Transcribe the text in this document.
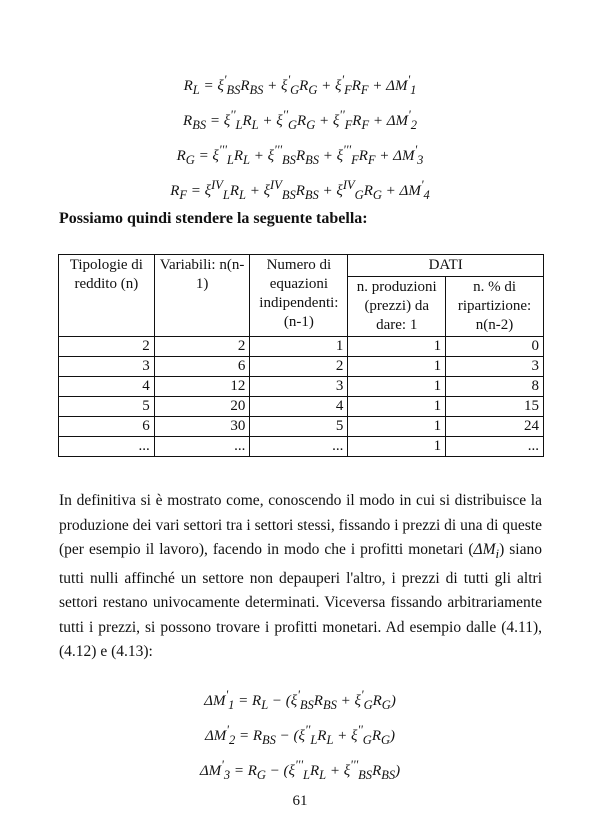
$R_L = \xi'_{BS}R_{BS} + \xi'_GR_G + \xi'_FR_F + \Delta M'_1$
$R_{BS} = \xi''_LR_L + \xi''_GR_G + \xi''_FR_F + \Delta M'_2$
$R_G = \xi'''_LR_L + \xi'''_{BS}R_{BS} + \xi'''_FR_F + \Delta M'_3$
$R_F = \xi^{IV}_LR_L + \xi^{IV}_{BS}R_{BS} + \xi^{IV}_GR_G + \Delta M'_4$
Possiamo quindi stendere la seguente tabella:
Tipologie di reddito (n)	Variabili: n(n-1)	Numero di equazioni indipendenti: (n-1)	DATI	
			n. produzioni (prezzi) da dare: 1	n. % di ripartizione: n(n-2)
2	2	1	1	0
3	6	2	1	3
4	12	3	1	8
5	20	4	1	15
6	30	5	1	24
...	...	...	1	...
In definitiva si è mostrato come, conoscendo il modo in cui si distribuisce la produzione dei vari settori tra i settori stessi, fissando i prezzi di una di queste (per esempio il lavoro), facendo in modo che i profitti monetari $(\Delta M_i)$ siano tutti nulli affinché un settore non depauperi l'altro, i prezzi di tutti gli altri settori restano univocamente determinati. Viceversa fissando arbitrariamente tutti i prezzi, si possono trovare i profitti monetari. Ad esempio dalle (4.11), (4.12) e (4.13):
$\Delta M'_1 = R_L - (\xi'_{BS}R_{BS} + \xi'_GR_G)$
$\Delta M'_2 = R_{BS} - (\xi''_LR_L + \xi''_GR_G)$
$\Delta M'_3 = R_G - (\xi'''_LR_L + \xi'''_{BS}R_{BS})$
61
